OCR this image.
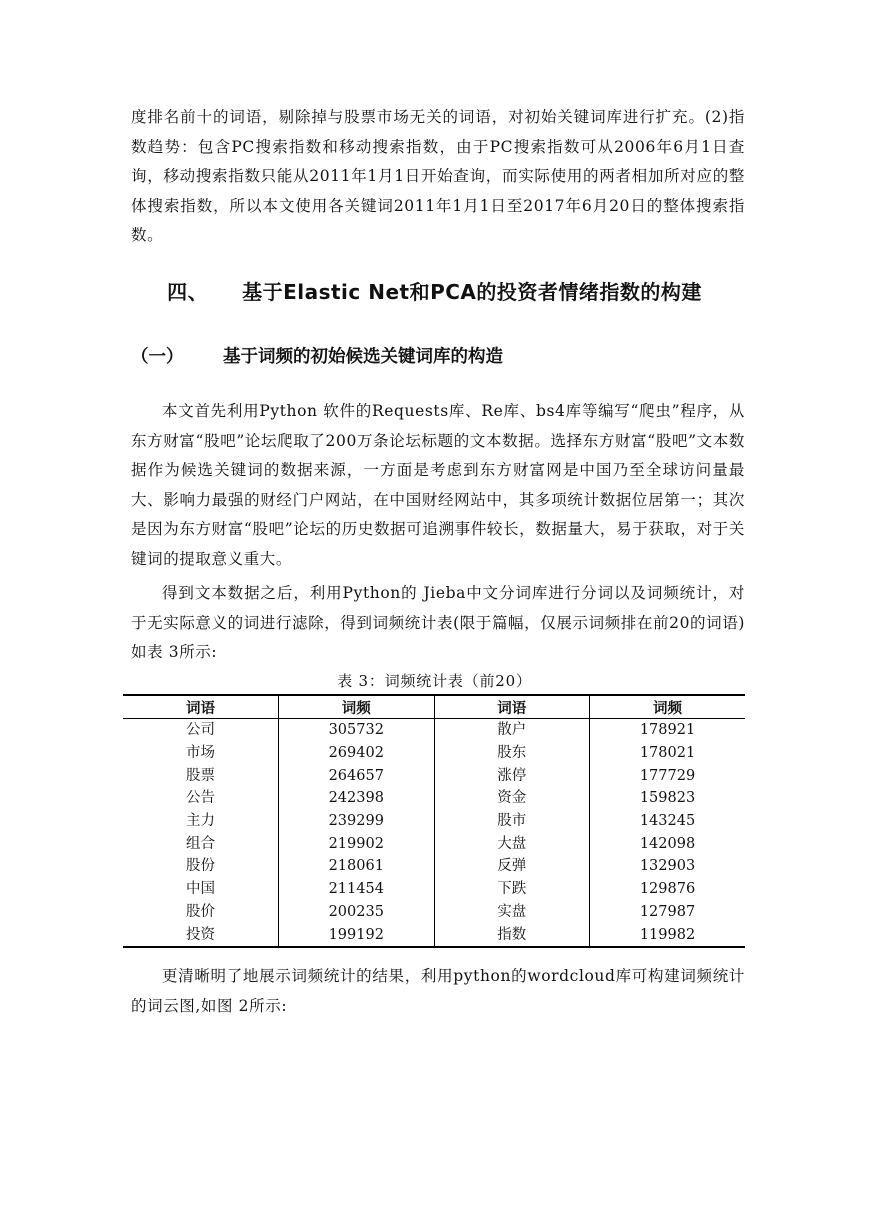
度排名前十的词语，剔除掉与股票市场无关的词语，对初始关键词库进行扩充。(2)指数趋势：包含PC搜索指数和移动搜索指数，由于PC搜索指数可从2006年6月1日查询，移动搜索指数只能从2011年1月1日开始查询，而实际使用的两者相加所对应的整体搜索指数，所以本文使用各关键词2011年1月1日至2017年6月20日的整体搜索指数。

四、 基于Elastic Net和PCA的投资者情绪指数的构建
（一） 基于词频的初始候选关键词库的构造

本文首先利用Python 软件的Requests库、Re库、bs4库等编写“爬虫”程序，从东方财富“股吧”论坛爬取了200万条论坛标题的文本数据。选择东方财富“股吧”文本数据作为候选关键词的数据来源，一方面是考虑到东方财富网是中国乃至全球访问量最大、影响力最强的财经门户网站，在中国财经网站中，其多项统计数据位居第一；其次是因为东方财富“股吧”论坛的历史数据可追溯事件较长，数据量大，易于获取，对于关键词的提取意义重大。

得到文本数据之后，利用Python的 Jieba中文分词库进行分词以及词频统计，对于无实际意义的词进行滤除，得到词频统计表(限于篇幅，仅展示词频排在前20的词语)如表 3所示:

表 3：词频统计表（前20）
词语	词频	词语	词频
公司	305732	散户	178921
市场	269402	股东	178021
股票	264657	涨停	177729
公告	242398	资金	159823
主力	239299	股市	143245
组合	219902	大盘	142098
股份	218061	反弹	132903
中国	211454	下跌	129876
股价	200235	实盘	127987
投资	199192	指数	119982

更清晰明了地展示词频统计的结果，利用python的wordcloud库可构建词频统计的词云图,如图 2所示:
